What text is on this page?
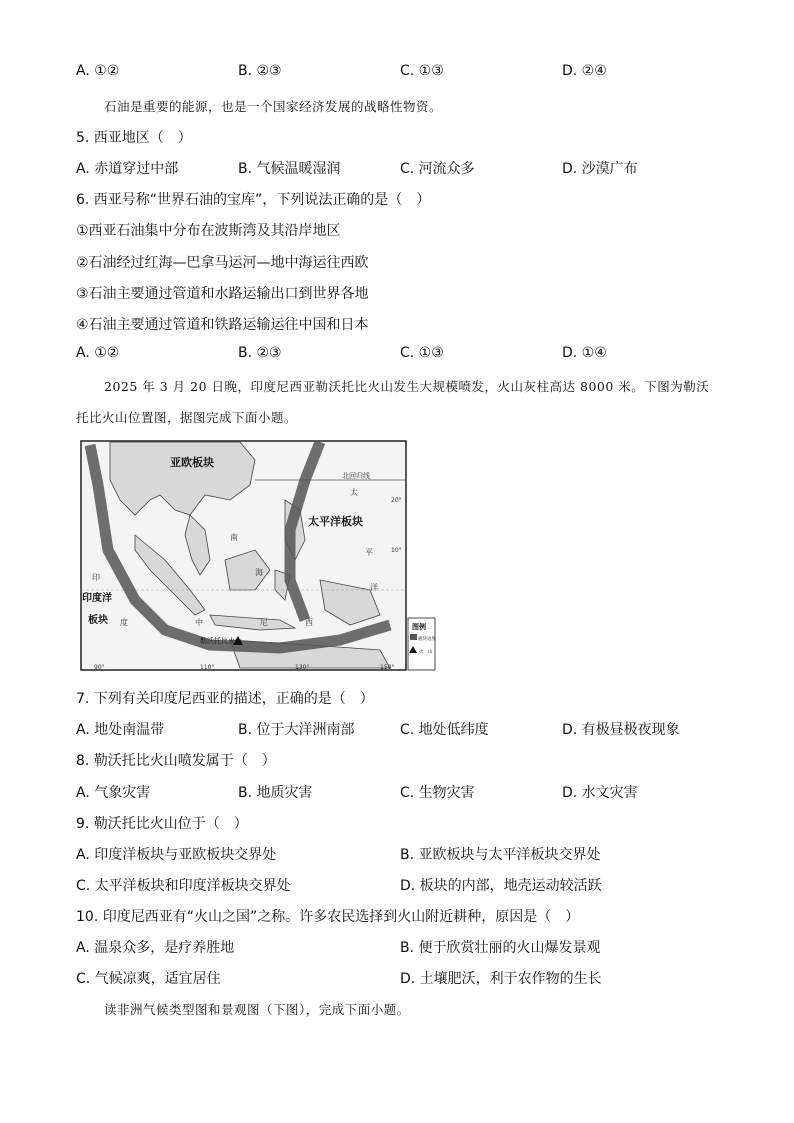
A. ①②	B. ②③	C. ①③	D. ②④
石油是重要的能源，也是一个国家经济发展的战略性物资。
5. 西亚地区（　）
A. 赤道穿过中部	B. 气候温暖湿润	C. 河流众多	D. 沙漠广布
6. 西亚号称“世界石油的宝库”，下列说法正确的是（　）
①西亚石油集中分布在波斯湾及其沿岸地区
②石油经过红海—巴拿马运河—地中海运往西欧
③石油主要通过管道和水路运输出口到世界各地
④石油主要通过管道和铁路运输运往中国和日本
A. ①②	B. ②③	C. ①③	D. ①④
2025 年 3 月 20 日晚，印度尼西亚勒沃托比火山发生大规模喷发，火山灰柱高达 8000 米。下图为勒沃
托比火山位置图，据图完成下面小题。
亚欧板块
太平洋板块
印度洋
板块
北回归线
20°
10°
90°	110°	130°	150°
勒沃托比火山
太
南
印
度	中
海
平
洋
尼	西	图例
板块边界
火　山
7. 下列有关印度尼西亚的描述，正确的是（　）
A. 地处南温带	B. 位于大洋洲南部	C. 地处低纬度	D. 有极昼极夜现象
8. 勒沃托比火山喷发属于（　）
A. 气象灾害	B. 地质灾害	C. 生物灾害	D. 水文灾害
9. 勒沃托比火山位于（　）
A. 印度洋板块与亚欧板块交界处	B. 亚欧板块与太平洋板块交界处
C. 太平洋板块和印度洋板块交界处	D. 板块的内部，地壳运动较活跃
10. 印度尼西亚有“火山之国”之称。许多农民选择到火山附近耕种，原因是（　）
A. 温泉众多，是疗养胜地	B. 便于欣赏壮丽的火山爆发景观
C. 气候凉爽，适宜居住	D. 土壤肥沃，利于农作物的生长
读非洲气候类型图和景观图（下图），完成下面小题。
